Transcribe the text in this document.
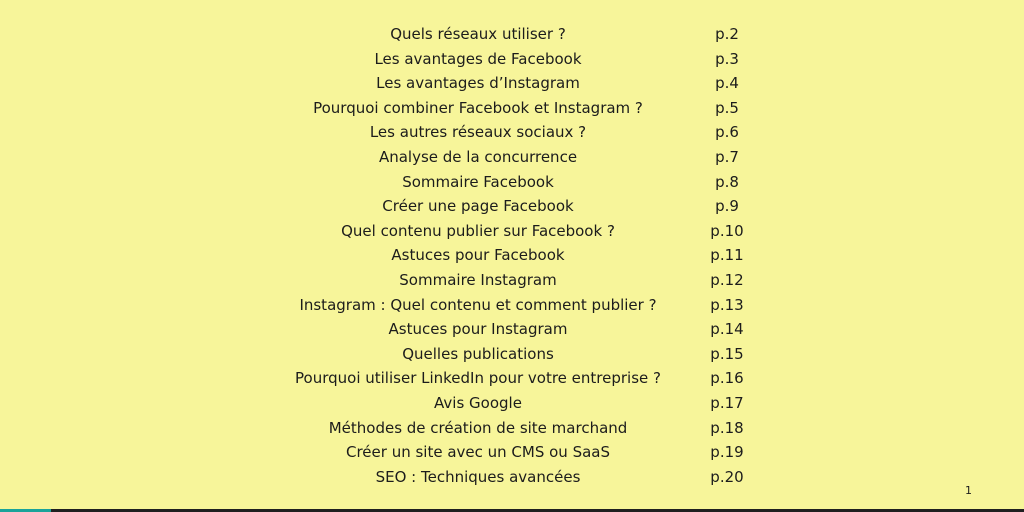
Quels réseaux utiliser ?	p.2
Les avantages de Facebook	p.3
Les avantages d’Instagram	p.4
Pourquoi combiner Facebook et Instagram ?	p.5
Les autres réseaux sociaux ?	p.6
Analyse de la concurrence	p.7
Sommaire Facebook	p.8
Créer une page Facebook	p.9
Quel contenu publier sur Facebook ?	p.10
Astuces pour Facebook	p.11
Sommaire Instagram	p.12
Instagram : Quel contenu et comment publier ?	p.13
Astuces pour Instagram	p.14
Quelles publications	p.15
Pourquoi utiliser LinkedIn pour votre entreprise ?	p.16
Avis Google	p.17
Méthodes de création de site marchand	p.18
Créer un site avec un CMS ou SaaS	p.19
SEO : Techniques avancées	p.20
1
